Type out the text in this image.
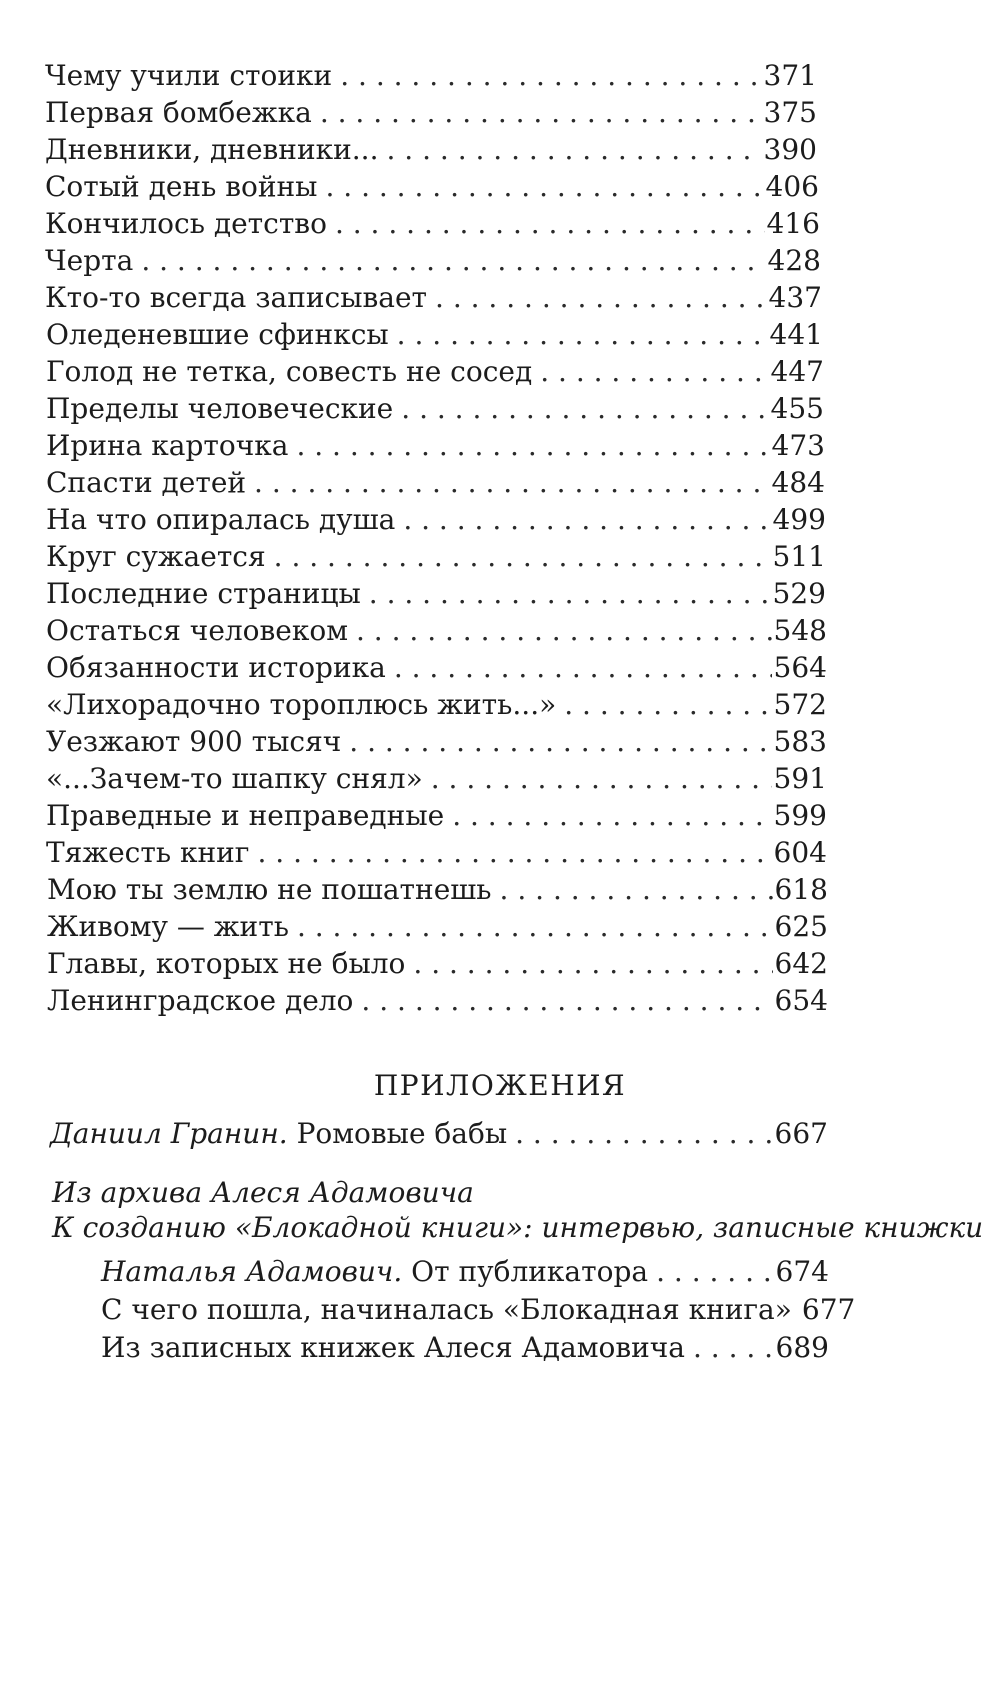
Чему учили стоики . . .	371
Первая бомбежка . . .	375
Дневники, дневники... . . .	390
Сотый день войны . . .	406
Кончилось детство . . .	416
Черта . . .	428
Кто-то всегда записывает . . .	437
Оледеневшие сфинксы . . .	441
Голод не тетка, совесть не сосед . . .	447
Пределы человеческие . . .	455
Ирина карточка . . .	473
Спасти детей . . .	484
На что опиралась душа . . .	499
Круг сужается . . .	511
Последние страницы . . .	529
Остаться человеком . . .	548
Обязанности историка . . .	564
«Лихорадочно тороплюсь жить...» . . .	572
Уезжают 900 тысяч . . .	583
«...Зачем-то шапку снял» . . .	591
Праведные и неправедные . . .	599
Тяжесть книг . . .	604
Мою ты землю не пошатнешь . . .	618
Живому — жить . . .	625
Главы, которых не было . . .	642
Ленинградское дело . . .	654
ПРИЛОЖЕНИЯ
Даниил Гранин. Ромовые бабы . . .	667
Из архива Алеся Адамовича
К созданию «Блокадной книги»: интервью, записные книжки
Наталья Адамович. От публикатора . . .	674
С чего пошла, начиналась «Блокадная книга» 677
Из записных книжек Алеся Адамовича . . .	689
